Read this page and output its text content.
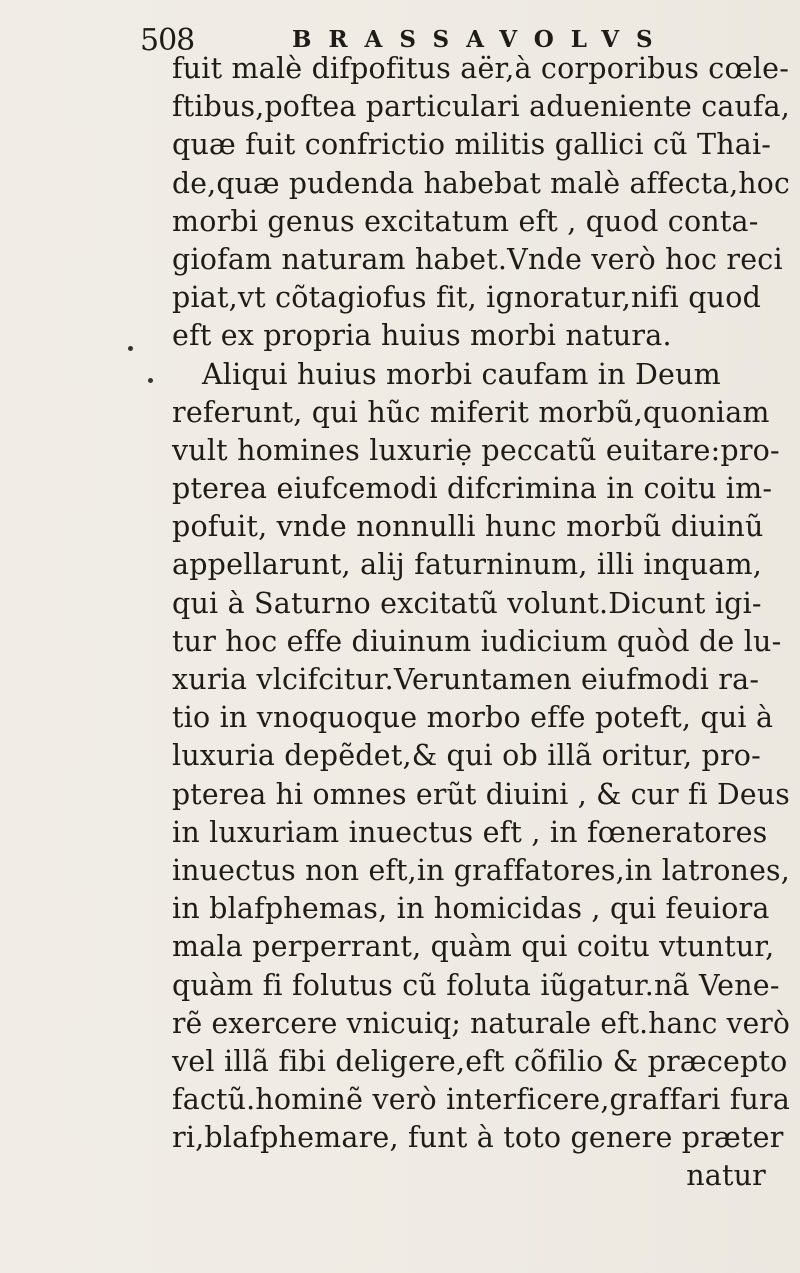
508	BRASSAVOLVS
fuit malè difpofitus aër,à corporibus cœle-
ftibus,poftea particulari adueniente caufa,
quæ fuit confrictio militis gallici cũ Thai-
de,quæ pudenda habebat malè affecta,hoc
morbi genus excitatum eft , quod conta-
giofam naturam habet.Vnde verò hoc reci
piat,vt cõtagiofus fit, ignoratur,nifi quod
eft ex propria huius morbi natura.
Aliqui huius morbi caufam in Deum
referunt, qui hũc miferit morbũ,quoniam
vult homines luxuriẹ peccatũ euitare:pro-
pterea eiufcemodi difcrimina in coitu im-
pofuit, vnde nonnulli hunc morbũ diuinũ
appellarunt, alij faturninum, illi inquam,
qui à Saturno excitatũ volunt.Dicunt igi-
tur hoc effe diuinum iudicium quòd de lu-
xuria vlcifcitur.Veruntamen eiufmodi ra-
tio in vnoquoque morbo effe poteft, qui à
luxuria depẽdet,& qui ob illã oritur, pro-
pterea hi omnes erũt diuini , & cur fi Deus
in luxuriam inuectus eft , in fœneratores
inuectus non eft,in graffatores,in latrones,
in blafphemas, in homicidas , qui feuiora
mala perperrant, quàm qui coitu vtuntur,
quàm fi folutus cũ foluta iũgatur.nã Vene-
rẽ exercere vnicuiq; naturale eft.hanc verò
vel illã fibi deligere,eft cõfilio & præcepto
factũ.hominẽ verò interficere,graffari fura
ri,blafphemare, funt à toto genere præter
natur
